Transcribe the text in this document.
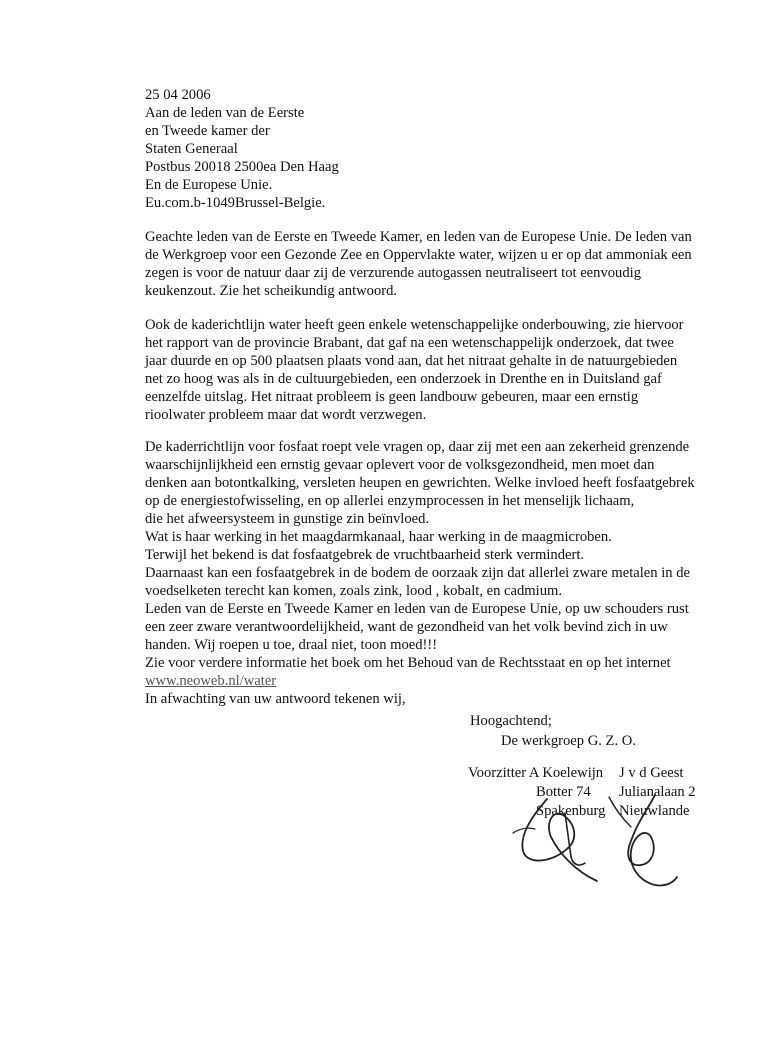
25 04 2006
Aan de leden van de Eerste
en Tweede kamer der
Staten Generaal
Postbus 20018 2500ea Den Haag
En de Europese Unie.
Eu.com.b-1049Brussel-Belgie.
Geachte leden van de Eerste en Tweede Kamer, en leden van de Europese Unie. De leden van
de Werkgroep voor een Gezonde Zee en Oppervlakte water, wijzen u er op dat ammoniak een
zegen is voor de natuur daar zij de verzurende autogassen neutraliseert tot eenvoudig
keukenzout. Zie het scheikundig antwoord.
Ook de kaderichtlijn water heeft geen enkele wetenschappelijke onderbouwing, zie hiervoor
het rapport van de provincie Brabant, dat gaf na een wetenschappelijk onderzoek, dat twee
jaar duurde en op 500 plaatsen plaats vond aan, dat het nitraat gehalte in de natuurgebieden
net zo hoog was als in de cultuurgebieden, een onderzoek in Drenthe en in Duitsland gaf
eenzelfde uitslag. Het nitraat probleem is geen landbouw gebeuren, maar een ernstig
rioolwater probleem maar dat wordt verzwegen.
De kaderrichtlijn voor fosfaat roept vele vragen op, daar zij met een aan zekerheid grenzende
waarschijnlijkheid een ernstig gevaar oplevert voor de volksgezondheid, men moet dan
denken aan botontkalking, versleten heupen en gewrichten. Welke invloed heeft fosfaatgebrek
op de energiestofwisseling, en op allerlei enzymprocessen in het menselijk lichaam,
die het afweersysteem in gunstige zin beïnvloed.
Wat is haar werking in het maagdarmkanaal, haar werking in de maagmicroben.
Terwijl het bekend is dat fosfaatgebrek de vruchtbaarheid sterk vermindert.
Daarnaast kan een fosfaatgebrek in de bodem de oorzaak zijn dat allerlei zware metalen in de
voedselketen terecht kan komen, zoals zink, lood , kobalt, en cadmium.
Leden van de Eerste en Tweede Kamer en leden van de Europese Unie, op uw schouders rust
een zeer zware verantwoordelijkheid, want de gezondheid van het volk bevind zich in uw
handen. Wij roepen u toe, draal niet, toon moed!!!
Zie voor verdere informatie het boek om het Behoud van de Rechtsstaat en op het internet
www.neoweb.nl/water
In afwachting van uw antwoord tekenen wij,
Hoogachtend;
De werkgroep G. Z. O.
Voorzitter A Koelewijn
Botter 74
Spakenburg
J v d Geest
Julianalaan 2
Nieuwlande
